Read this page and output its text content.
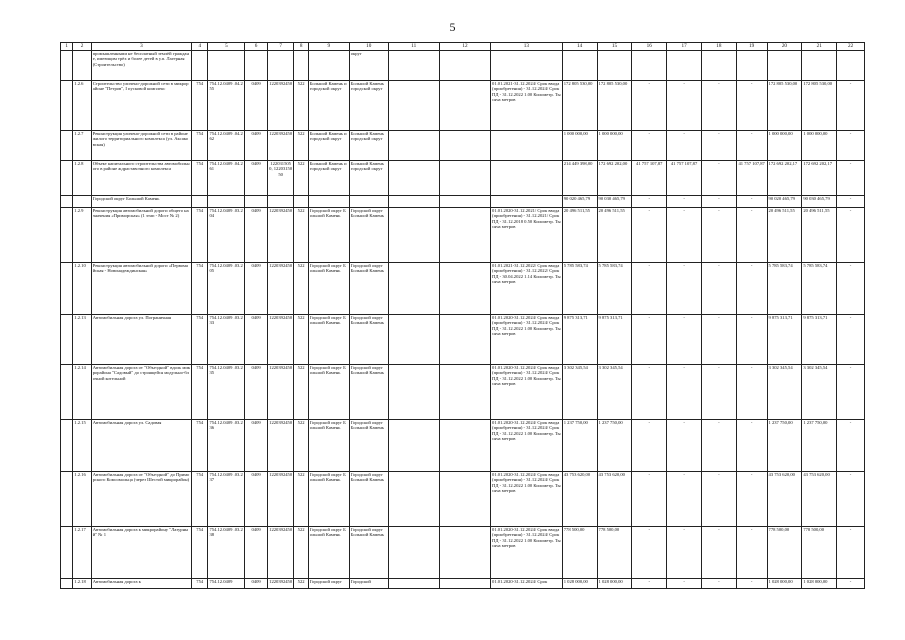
5
1	2	3	4	5	6	7	8	9	10	11	12	13	14	15	16	17	18	19	20	21	22
		промышленными не бесплатный землёй граждане, имеющим трёх и более детей в у.п. Лагерная (Строительство)							округ												
	1.2.6	Строительство уличено-дорожной сети в микрорайоне "Петров", I пусковой комплекс	754	754.12.0409 .04.255	0409	1220392450	522	Большой Камень и городской округ	Большой Камень городской округ			01.01.2021-31.12.2024/ Срок ввода (приобретения) - 31.12.2024/ Срок ПД - 31.12.2022 1.00 Километр. Тысяча метров	172 805 530,00	172 805 530,00	-	-	-	-	172 805 530,00	172 805 530,00	-
	1.2.7	Реконструкция уличено-дорожной сети в районе жилого территориального комплекса (ул. Аксаковская)	754	754.12.0409 .04.262	0409	1220392450	522	Большой Камень и городской округ	Большой Камень городской округ				1 000 000,00	1 000 000,00	-	-	-	-	1 000 000,00	1 000 000,00	-
	1.2.8	Объект капитального строительства автомобильного в районе ждраставочного комплекса	754	754.12.0409 .04.261	0409	1220315050, 1220315050	522	Большой Камень и городской округ	Большой Камень городской округ				214 449 398,00	172 692 202,00	41 757 107,87	41 757 107,87	-	41 757 107,87	172 692 202,17	172 692 202,17	-
		Городской округ Большой Камень											90 020 465,79	90 030 465,79	-	-	-	-	90 020 465,79	90 030 465,79	-
	1.2.9	Реконструкция автомобильной дороги общего назначения «Приморская» (1 этап - Мост № 2)	754	754.12.0409 .03.204	0409	1220392450	522	Городской округ Большой Камень	Городской округ Большой Камень			01.01.2020-31.12.2021/ Срок ввода (приобретения) - 31.12.2021/ Срок ПД - 31.12.2018 0.50 Километр. Тысяча метров	20 496 511,55	20 496 511,55	-	-	-	-	20 496 511,55	20 496 511,55	-
	1.2.10	Реконструкция автомобильной дороги «Первомайская - Новонадеждинская»	754	754.12.0409 .03.205	0409	1220392450	522	Городской округ Большой Камень	Городской округ Большой Камень			01.01.2021-31.12.2022/ Срок ввода (приобретения) - 31.12.2022/ Срок ПД - 30.04.2022 1.14 Километр. Тысяча метров	5 785 583,74	5 785 583,74	-	-	-	-	5 785 583,74	5 785 583,74	-
	1.2.13	Автомобильная дорога ул. Пограничная	754	754.12.0409 .03.233	0409	1220392450	522	Городской округ Большой Камень	Городской округ Большой Камень			01.01.2020-31.12.2024/ Срок ввода (приобретения) - 31.12.2024/ Срок ПД - 31.12.2022 1.00 Километр. Тысяча метров	9 875 313,71	9 875 313,71	-	-	-	-	9 875 313,71	9 875 313,71	-
	1.2.14	Автомобильная дорога от "Объездной" вдоль микрорайона "Садовый" до строящейся модульно-блочной котельной	754	754.12.0409 .03.235	0409	1220392450	522	Городской округ Большой Камень	Городской округ Большой Камень			01.01.2020-31.12.2024/ Срок ввода (приобретения) - 31.12.2024/ Срок ПД - 31.12.2022 1.00 Километр. Тысяча метров	3 302 345,54	3 302 345,54	-	-	-	-	3 302 345,54	3 302 345,54	-
	1.2.15	Автомобильная дорога ул. Садовая	754	754.12.0409 .03.236	0409	1220392450	522	Городской округ Большой Камень	Городской округ Большой Камень			01.01.2020-31.12.2024/ Срок ввода (приобретения) - 31.12.2024/ Срок ПД - 31.12.2022 1.00 Километр. Тысяча метров	1 237 750,00	1 237 750,00	-	-	-	-	1 237 750,00	1 237 750,00	-
	1.2.16	Автомобильная дорога от "Объездной" до Приморского Комсомольца (через Шестой микрорайон)	754	754.12.0409 .03.237	0409	1220392450	522	Городской округ Большой Камень	Городской округ Большой Камень			01.01.2020-31.12.2024/ Срок ввода (приобретения) - 31.12.2024/ Срок ПД - 31.12.2022 1.00 Километр. Тысяча метров	43 753 620,00	43 753 620,00	-	-	-	-	43 753 620,00	43 753 620,00	-
	1.2.17	Автомобильная дорога к микрорайону "Лазурный" № 1	754	754.12.0409 .03.238	0409	1220392450	522	Городской округ Большой Камень	Городской округ Большой Камень			01.01.2020-31.12.2024/ Срок ввода (приобретения) - 31.12.2024/ Срок ПД - 31.12.2022 1.00 Километр. Тысяча метров	778 500,00	778 500,00	-	-	-	-	778 500,00	778 500,00	-
	1.2.18	Автомобильная дорога к	754	754.12.0409	0409	1220392450	522	Городской округ	Городской			01.01.2020-31.12.2024/ Срок	1 028 000,00	1 028 000,00	-	-	-	-	1 028 000,00	1 028 000,00	-
